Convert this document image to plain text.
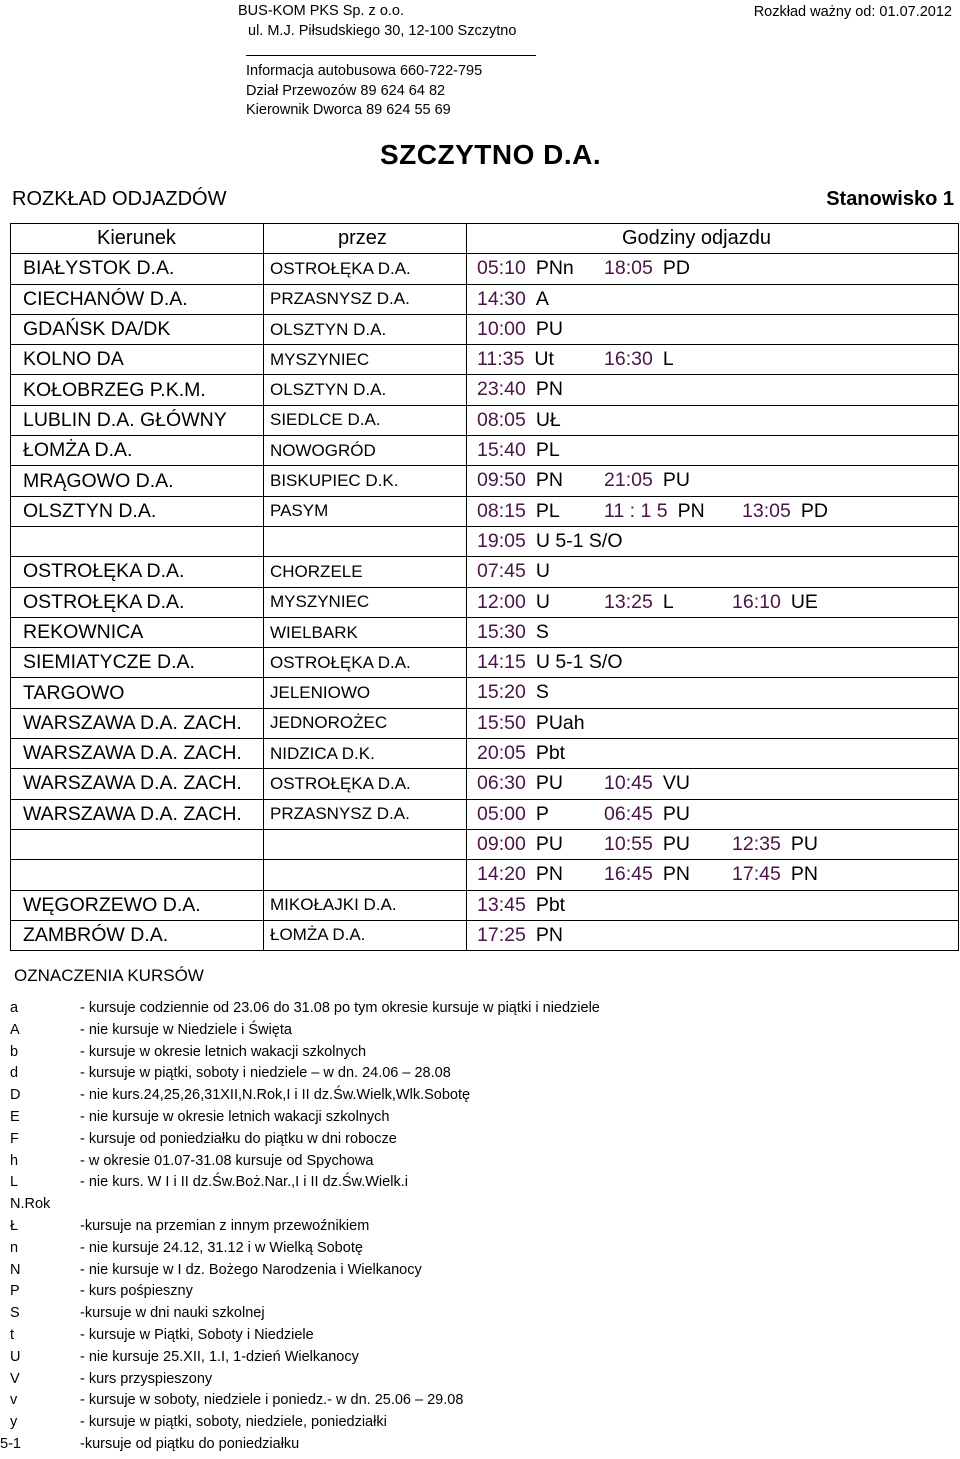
BUS-KOM PKS Sp. z o.o.
ul. M.J. Piłsudskiego 30, 12-100 Szczytno
Rozkład ważny od: 01.07.2012
Informacja autobusowa 660-722-795
Dział Przewozów 89 624 64 82
Kierownik Dworca 89 624 55 69
SZCZYTNO D.A.
ROZKŁAD ODJAZDÓW	Stanowisko 1
Kierunek	przez	Godziny odjazdu
BIAŁYSTOK D.A.	OSTROŁĘKA D.A.	05:10 PNn 18:05 PD

CIECHANÓW D.A.	PRZASNYSZ D.A.	14:30 A

GDAŃSK DA/DK	OLSZTYN D.A.	10:00 PU

KOLNO DA	MYSZYNIEC	11:35 Ut 16:30 L

KOŁOBRZEG P.K.M.	OLSZTYN D.A.	23:40 PN

LUBLIN D.A. GŁÓWNY	SIEDLCE D.A.	08:05 UŁ

ŁOMŻA D.A.	NOWOGRÓD	15:40 PL

MRĄGOWO D.A.	BISKUPIEC D.K.	09:50 PN 21:05 PU

OLSZTYN D.A.	PASYM	08:15 PL 11 : 1 5 PN 13:05 PD

		19:05 U 5-1 S/O

OSTROŁĘKA D.A.	CHORZELE	07:45 U

OSTROŁĘKA D.A.	MYSZYNIEC	12:00 U 13:25 L 16:10 UE

REKOWNICA	WIELBARK	15:30 S

SIEMIATYCZE D.A.	OSTROŁĘKA D.A.	14:15 U 5-1 S/O

TARGOWO	JELENIOWO	15:20 S

WARSZAWA D.A. ZACH.	JEDNOROŻEC	15:50 PUah

WARSZAWA D.A. ZACH.	NIDZICA D.K.	20:05 Pbt

WARSZAWA D.A. ZACH.	OSTROŁĘKA D.A.	06:30 PU 10:45 VU

WARSZAWA D.A. ZACH.	PRZASNYSZ D.A.	05:00 P 06:45 PU

		09:00 PU 10:55 PU 12:35 PU

		14:20 PN 16:45 PN 17:45 PN

WĘGORZEWO D.A.	MIKOŁAJKI D.A.	13:45 Pbt

ZAMBRÓW D.A.	ŁOMŻA D.A.	17:25 PN
OZNACZENIA KURSÓW
a	- kursuje codziennie od 23.06 do 31.08 po tym okresie kursuje w piątki i niedziele
A	- nie kursuje w Niedziele i Święta
b	- kursuje w okresie letnich wakacji szkolnych
d	- kursuje w piątki, soboty i niedziele – w dn. 24.06 – 28.08
D	- nie kurs.24,25,26,31XII,N.Rok,I i II dz.Św.Wielk,Wlk.Sobotę
E	- nie kursuje w okresie letnich wakacji szkolnych
F	- kursuje od poniedziałku do piątku w dni robocze
h	- w okresie 01.07-31.08 kursuje od Spychowa
L	- nie kurs. W I i II dz.Św.Boż.Nar.,I i II dz.Św.Wielk.i
N.Rok
Ł	-kursuje na przemian z innym przewoźnikiem
n	- nie kursuje 24.12, 31.12 i w Wielką Sobotę
N	- nie kursuje w I dz. Bożego Narodzenia i Wielkanocy
P	- kurs pośpieszny
S	-kursuje w dni nauki szkolnej
t	- kursuje w Piątki, Soboty i Niedziele
U	- nie kursuje 25.XII, 1.I, 1-dzień Wielkanocy
V	- kurs przyspieszony
v	- kursuje w soboty, niedziele i poniedz.- w dn. 25.06 – 29.08
y	- kursuje w piątki, soboty, niedziele, poniedziałki
5-1	-kursuje od piątku do poniedziałku
